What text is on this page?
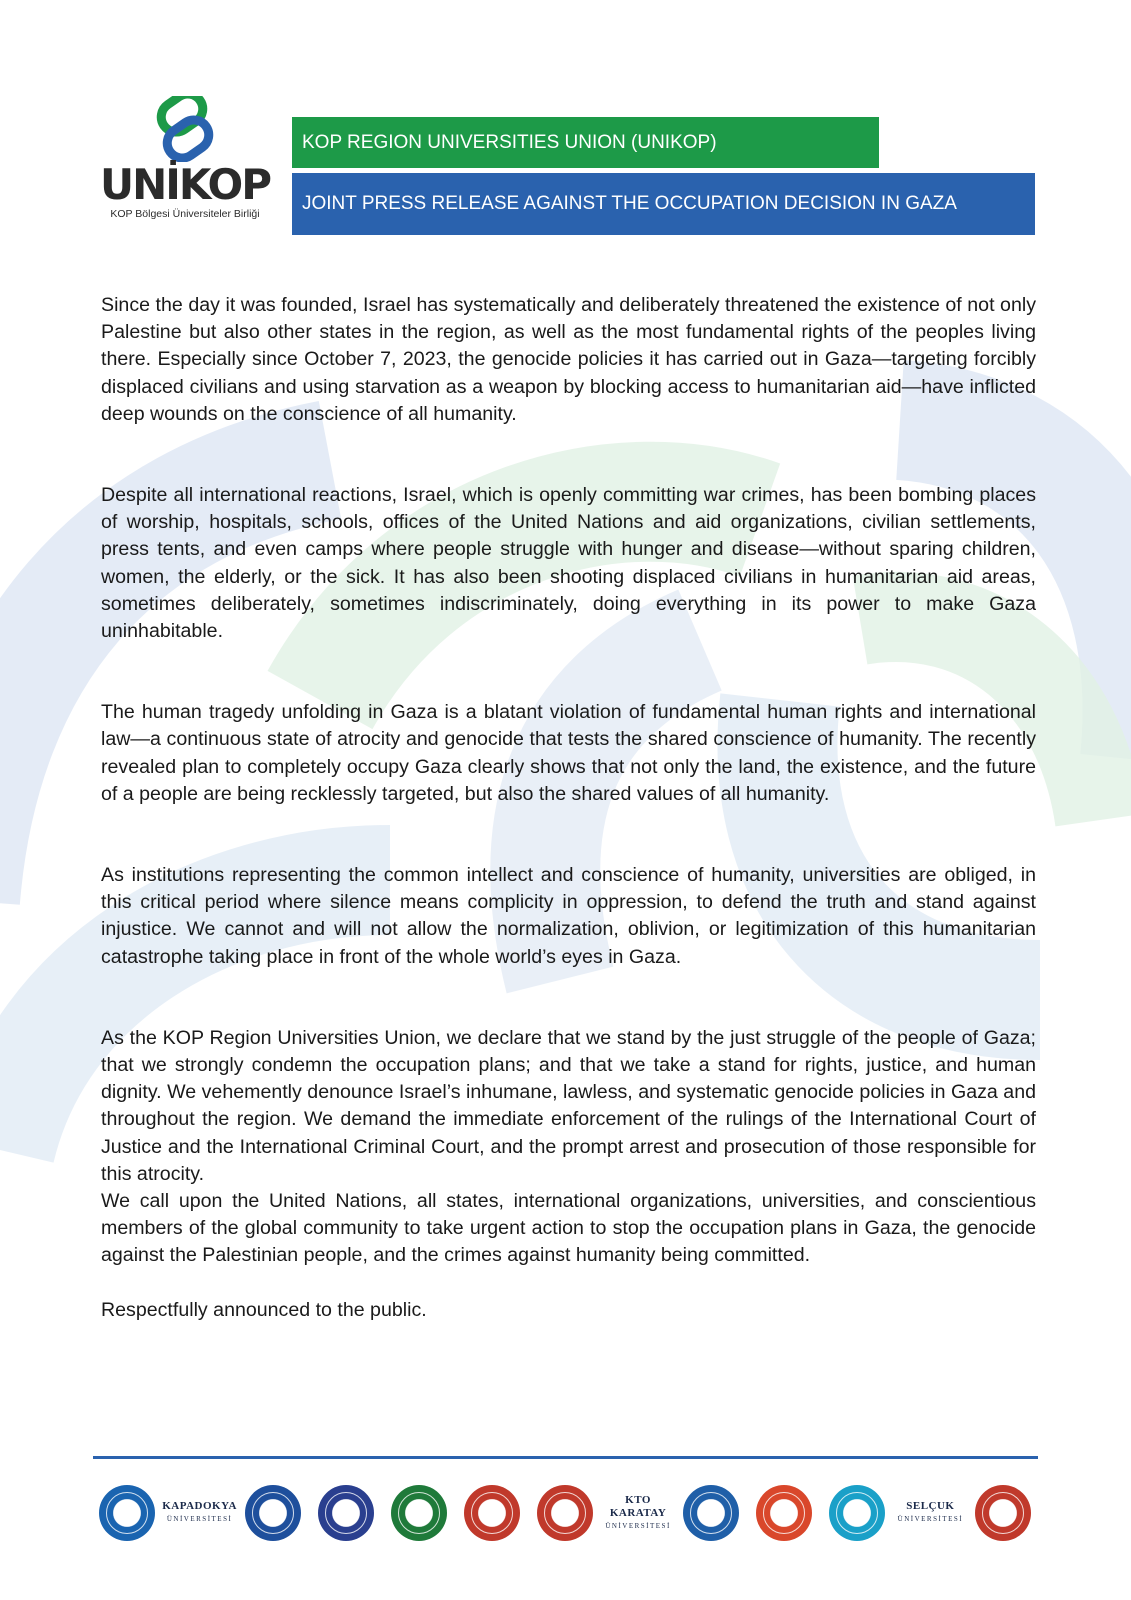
UNİKOP
KOP Bölgesi Üniversiteler Birliği
KOP REGION UNIVERSITIES UNION (UNIKOP)
JOINT PRESS RELEASE AGAINST THE OCCUPATION DECISION IN GAZA

Since the day it was founded, Israel has systematically and deliberately threatened the existence of not only Palestine but also other states in the region, as well as the most fundamental rights of the peoples living there. Especially since October 7, 2023, the genocide policies it has carried out in Gaza—targeting forcibly displaced civilians and using starvation as a weapon by blocking access to humanitarian aid—have inflicted deep wounds on the conscience of all humanity.

Despite all international reactions, Israel, which is openly committing war crimes, has been bombing places of worship, hospitals, schools, offices of the United Nations and aid organizations, civilian settlements, press tents, and even camps where people struggle with hunger and disease—without sparing children, women, the elderly, or the sick. It has also been shooting displaced civilians in humanitarian aid areas, sometimes deliberately, sometimes indiscriminately, doing everything in its power to make Gaza uninhabitable.

The human tragedy unfolding in Gaza is a blatant violation of fundamental human rights and international law—a continuous state of atrocity and genocide that tests the shared conscience of humanity. The recently revealed plan to completely occupy Gaza clearly shows that not only the land, the existence, and the future of a people are being recklessly targeted, but also the shared values of all humanity.

As institutions representing the common intellect and conscience of humanity, universities are obliged, in this critical period where silence means complicity in oppression, to defend the truth and stand against injustice. We cannot and will not allow the normalization, oblivion, or legitimization of this humanitarian catastrophe taking place in front of the whole world’s eyes in Gaza.

As the KOP Region Universities Union, we declare that we stand by the just struggle of the people of Gaza; that we strongly condemn the occupation plans; and that we take a stand for rights, justice, and human dignity. We vehemently denounce Israel’s inhumane, lawless, and systematic genocide policies in Gaza and throughout the region. We demand the immediate enforcement of the rulings of the International Court of Justice and the International Criminal Court, and the prompt arrest and prosecution of those responsible for this atrocity.

We call upon the United Nations, all states, international organizations, universities, and conscientious members of the global community to take urgent action to stop the occupation plans in Gaza, the genocide against the Palestinian people, and the crimes against humanity being committed.

Respectfully announced to the public.

KAPADOKYA
ÜNİVERSİTESİ
KTO KARATAY
ÜNİVERSİTESİ
SELÇUK
ÜNİVERSİTESİ
